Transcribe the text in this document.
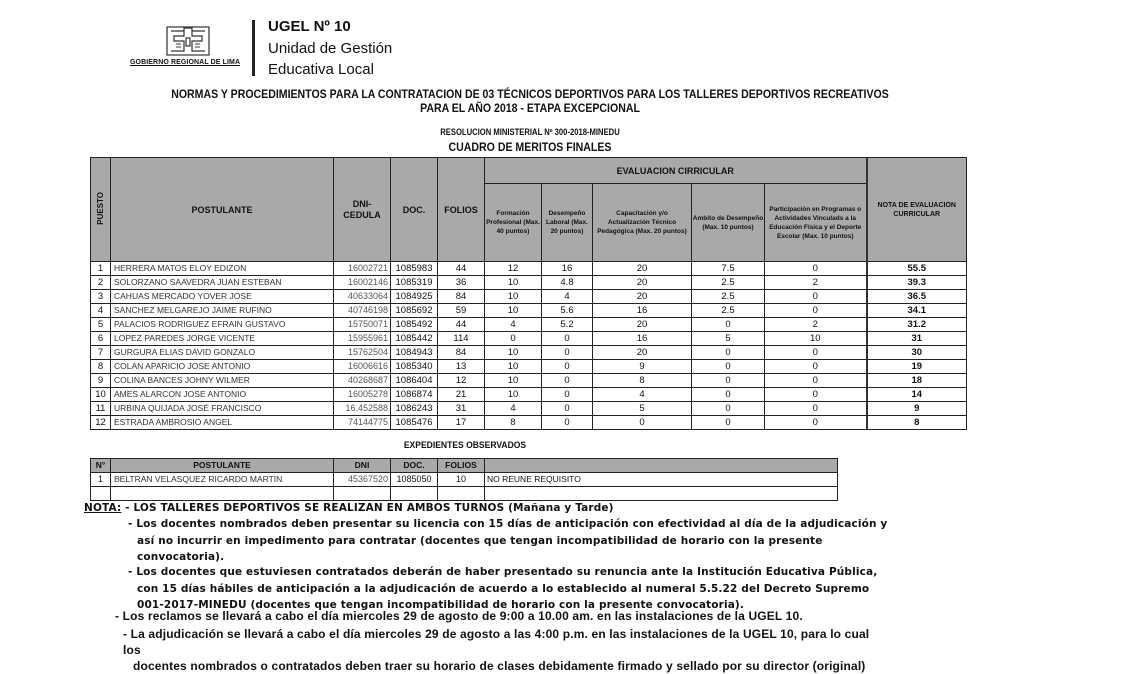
GOBIERNO REGIONAL DE LIMA
UGEL Nº 10
Unidad de Gestión
Educativa Local
NORMAS Y PROCEDIMIENTOS PARA LA CONTRATACION DE 03 TÉCNICOS DEPORTIVOS PARA LOS TALLERES DEPORTIVOS RECREATIVOS
PARA EL AÑO 2018 - ETAPA EXCEPCIONAL
RESOLUCION MINISTERIAL Nº 300-2018-MINEDU
CUADRO DE MERITOS FINALES
PUESTO	POSTULANTE	DNI-CEDULA	DOC.	FOLIOS	EVALUACION CIRRICULAR					NOTA DE EVALUACION CURRICULAR
					Formación Profesional (Max. 40 puntos)	Desempeño Laboral (Max. 20 puntos)	Capacitación y/o Actualización Técnico Pedagógica (Max. 20 puntos)	Ambito de Desempeño (Max. 10 puntos)	Participación en Programas o Actividades Vinculads a la Educación Física y el Deporte Escolar (Max. 10 puntos)	
1	HERRERA MATOS ELOY EDIZON	16002721	1085983	44	12	16	20	7.5	0	55.5
2	SOLORZANO SAAVEDRA JUAN ESTEBAN	16002146	1085319	36	10	4.8	20	2.5	2	39.3
3	CAHUAS MERCADO YOVER JOSE	40633064	1084925	84	10	4	20	2.5	0	36.5
4	SANCHEZ MELGAREJO JAIME RUFINO	40746198	1085692	59	10	5.6	16	2.5	0	34.1
5	PALACIOS RODRIGUEZ EFRAIN GUSTAVO	15750071	1085492	44	4	5.2	20	0	2	31.2
6	LOPEZ PAREDES JORGE VICENTE	15955961	1085442	114	0	0	16	5	10	31
7	GURGURA ELIAS DAVID GONZALO	15762504	1084943	84	10	0	20	0	0	30
8	COLAN APARICIO JOSE ANTONIO	16006616	1085340	13	10	0	9	0	0	19
9	COLINA BANCES JOHNY WILMER	40268687	1086404	12	10	0	8	0	0	18
10	AMES ALARCON JOSE ANTONIO	16005278	1086874	21	10	0	4	0	0	14
11	URBINA QUIJADA JOSÉ FRANCISCO	16.452588	1086243	31	4	0	5	0	0	9
12	ESTRADA AMBROSIO ANGEL	74144775	1085476	17	8	0	0	0	0	8
EXPEDIENTES OBSERVADOS
N°	POSTULANTE	DNI	DOC.	FOLIOS	
1	BELTRAN VELASQUEZ RICARDO MARTIN	45367520	1085050	10	NO REUNE REQUISITO

NOTA: - LOS TALLERES DEPORTIVOS SE REALIZAN EN AMBOS TURNOS (Mañana y Tarde)
- Los docentes nombrados deben presentar su licencia con 15 días de anticipación con efectividad al día de la adjudicación y
así no incurrir en impedimento para contratar (docentes que tengan incompatibilidad de horario con la presente
convocatoria).
- Los docentes que estuviesen contratados deberán de haber presentado su renuncia ante la Institución Educativa Pública,
con 15 días hábiles de anticipación a la adjudicación de acuerdo a lo establecido al numeral 5.5.22 del Decreto Supremo
001-2017-MINEDU (docentes que tengan incompatibilidad de horario con la presente convocatoria).
- Los reclamos se llevará a cabo el día miercoles 29 de agosto de 9:00 a 10.00 am. en las instalaciones de la UGEL 10.
- La adjudicación se llevará a cabo el día miercoles 29 de agosto a las 4:00 p.m. en las instalaciones de la UGEL 10, para lo cual los
docentes nombrados o contratados deben traer su horario de clases debidamente firmado y sellado por su director (original)
